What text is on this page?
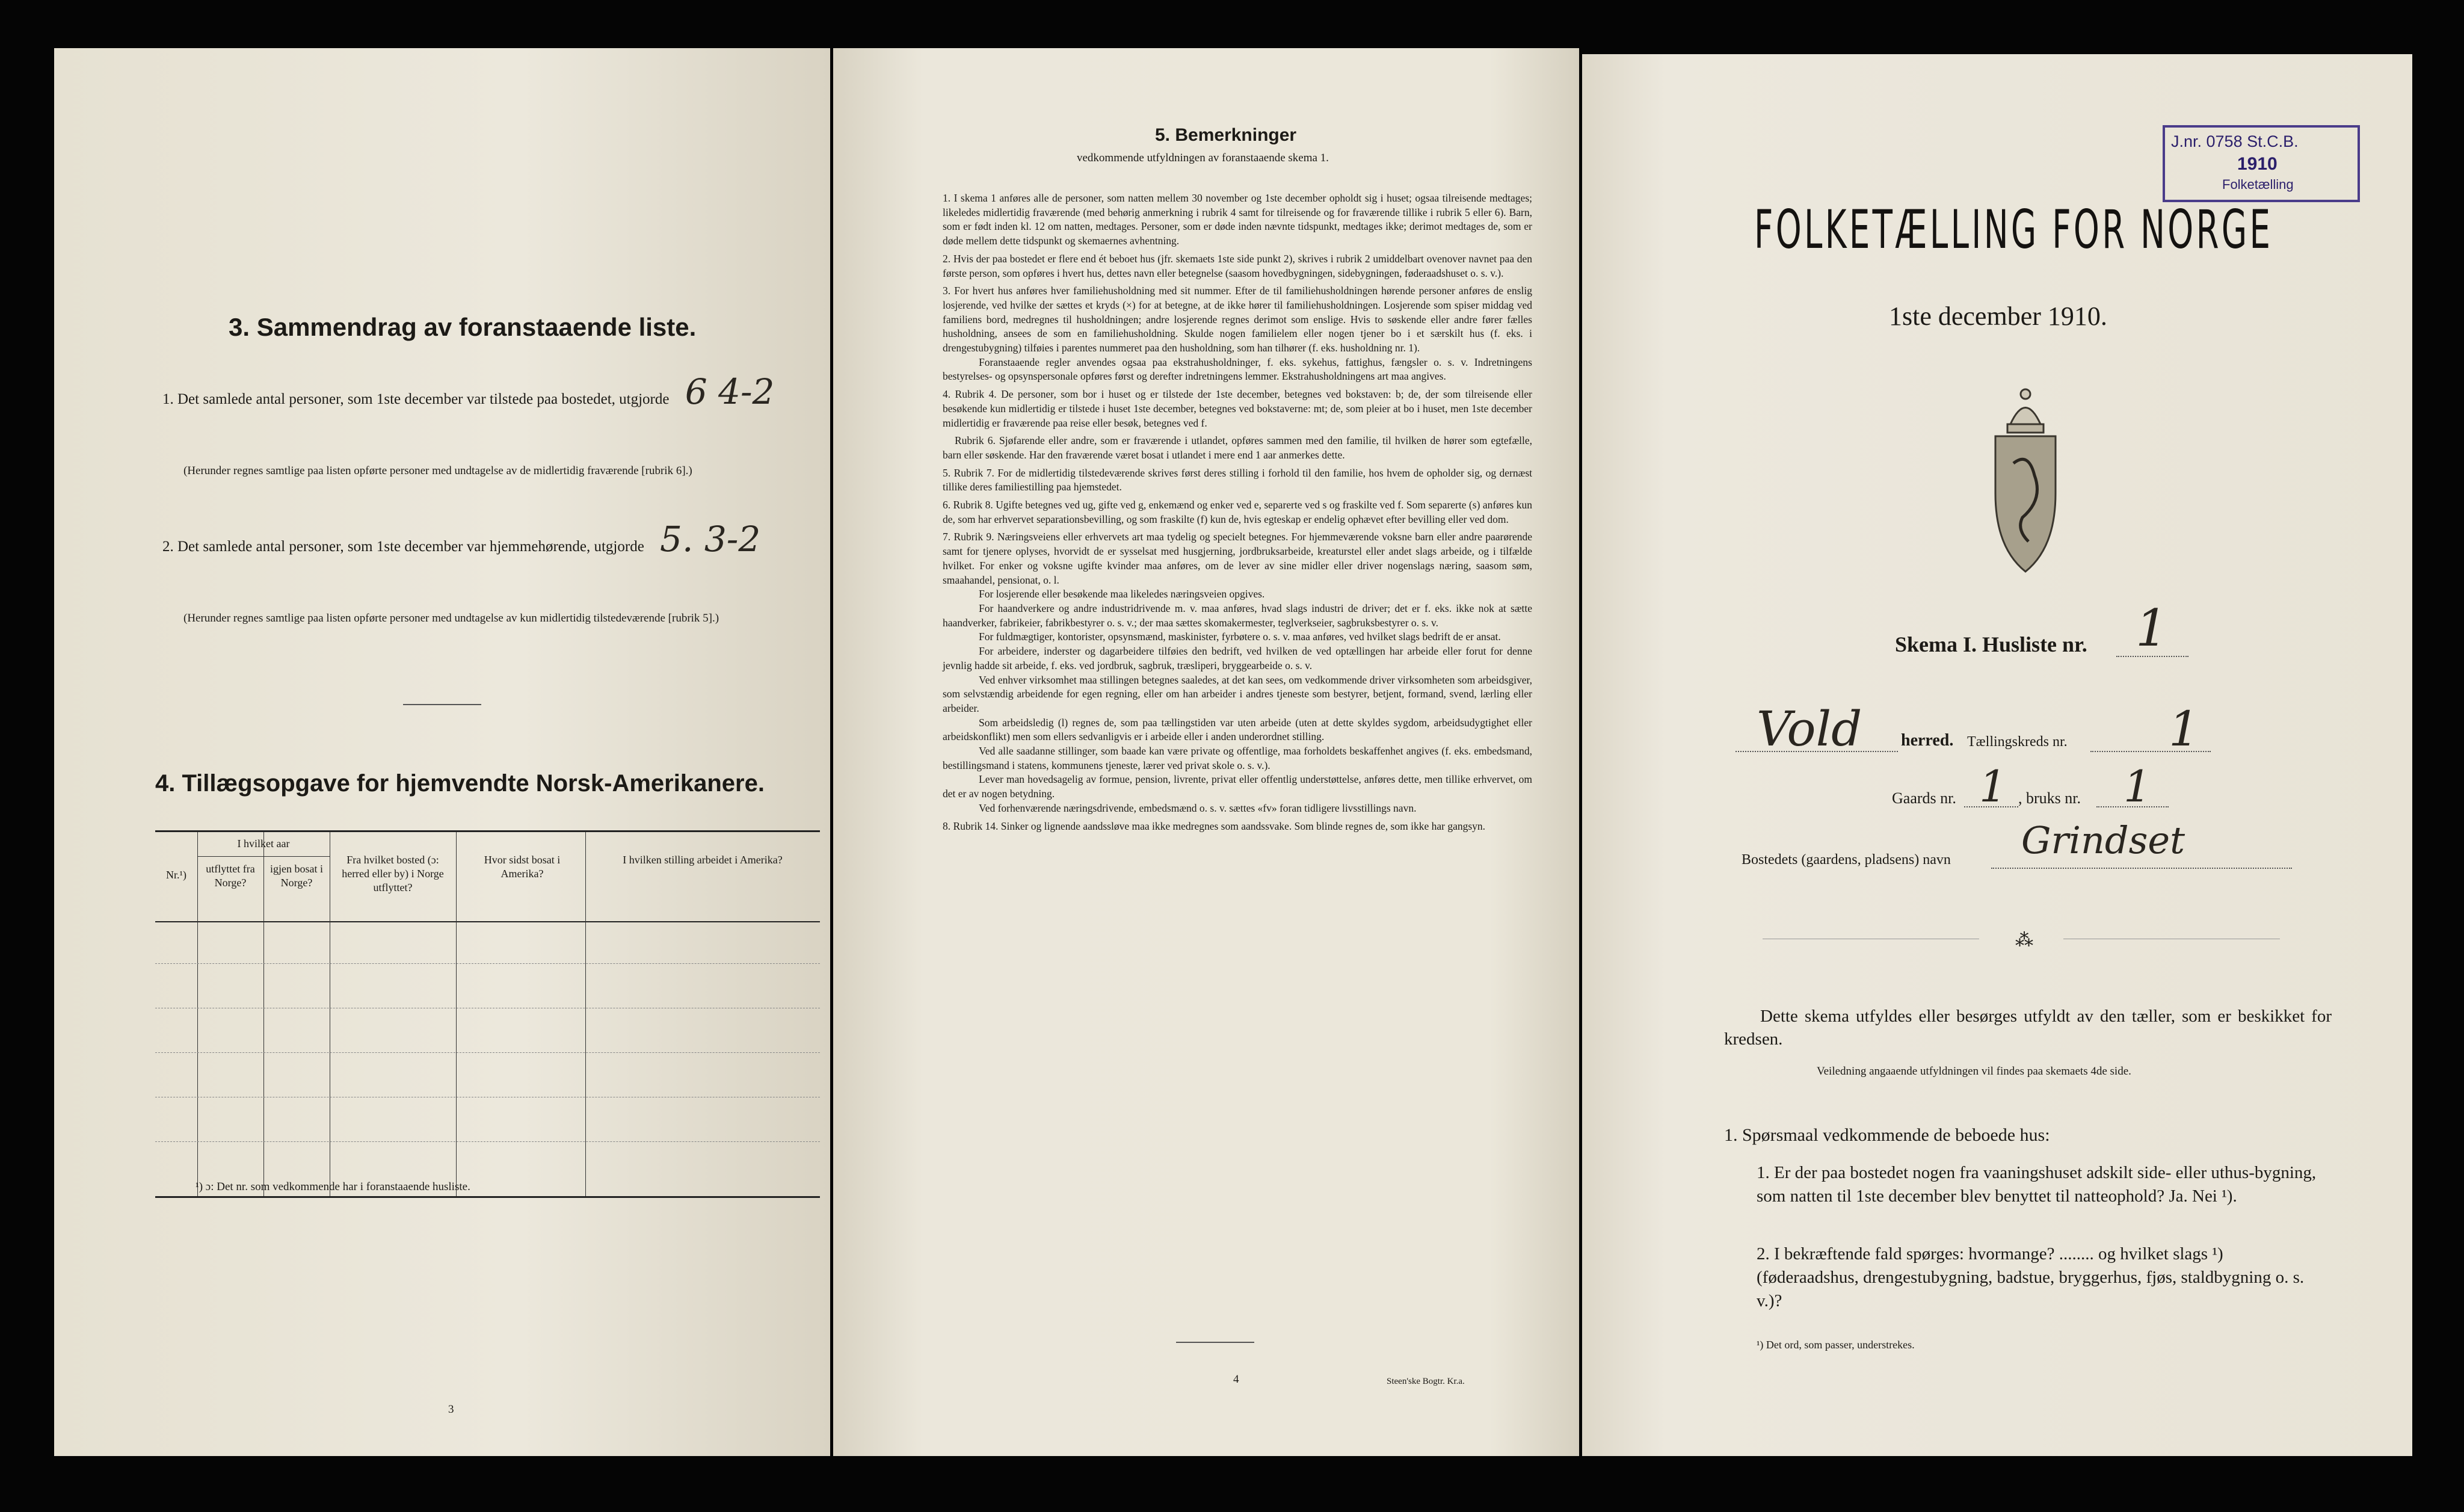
3. Sammendrag av foranstaaende liste.
1. Det samlede antal personer, som 1ste december var tilstede paa bostedet, utgjorde 6 4-2
(Herunder regnes samtlige paa listen opførte personer med undtagelse av de midlertidig fraværende [rubrik 6].)
2. Det samlede antal personer, som 1ste december var hjemmehørende, utgjorde 5. 3-2
(Herunder regnes samtlige paa listen opførte personer med undtagelse av kun midlertidig tilstedeværende [rubrik 5].)
4. Tillægsopgave for hjemvendte Norsk-Amerikanere.
Nr.¹)
I hvilket aar
utflyttet fra Norge?
igjen bosat i Norge?
Fra hvilket bosted (ɔ: herred eller by) i Norge utflyttet?
Hvor sidst bosat i Amerika?
I hvilken stilling arbeidet i Amerika?
¹) ɔ: Det nr. som vedkommende har i foranstaaende husliste.
3
5. Bemerkninger
vedkommende utfyldningen av foranstaaende skema 1.
1. I skema 1 anføres alle de personer, som natten mellem 30 november og 1ste december opholdt sig i huset; ogsaa tilreisende medtages; likeledes midlertidig fraværende (med behørig anmerkning i rubrik 4 samt for tilreisende og for fraværende tillike i rubrik 5 eller 6). Barn, som er født inden kl. 12 om natten, medtages. Personer, som er døde inden nævnte tidspunkt, medtages ikke; derimot medtages de, som er døde mellem dette tidspunkt og skemaernes avhentning.
2. Hvis der paa bostedet er flere end ét beboet hus (jfr. skemaets 1ste side punkt 2), skrives i rubrik 2 umiddelbart ovenover navnet paa den første person, som opføres i hvert hus, dettes navn eller betegnelse (saasom hovedbygningen, sidebygningen, føderaadshuset o. s. v.).
3. For hvert hus anføres hver familiehusholdning med sit nummer. Efter de til familiehusholdningen hørende personer anføres de enslig losjerende, ved hvilke der sættes et kryds (×) for at betegne, at de ikke hører til familiehusholdningen. Losjerende som spiser middag ved familiens bord, medregnes til husholdningen; andre losjerende regnes derimot som enslige. Hvis to søskende eller andre fører fælles husholdning, ansees de som en familiehusholdning. Skulde nogen familielem eller nogen tjener bo i et særskilt hus (f. eks. i drengestubygning) tilføies i parentes nummeret paa den husholdning, som han tilhører (f. eks. husholdning nr. 1).
Foranstaaende regler anvendes ogsaa paa ekstrahusholdninger, f. eks. sykehus, fattighus, fængsler o. s. v. Indretningens bestyrelses- og opsynspersonale opføres først og derefter indretningens lemmer. Ekstrahusholdningens art maa angives.
4. Rubrik 4. De personer, som bor i huset og er tilstede der 1ste december, betegnes ved bokstaven: b; de, der som tilreisende eller besøkende kun midlertidig er tilstede i huset 1ste december, betegnes ved bokstaverne: mt; de, som pleier at bo i huset, men 1ste december midlertidig er fraværende paa reise eller besøk, betegnes ved f.
Rubrik 6. Sjøfarende eller andre, som er fraværende i utlandet, opføres sammen med den familie, til hvilken de hører som egtefælle, barn eller søskende. Har den fraværende været bosat i utlandet i mere end 1 aar anmerkes dette.
5. Rubrik 7. For de midlertidig tilstedeværende skrives først deres stilling i forhold til den familie, hos hvem de opholder sig, og dernæst tillike deres familiestilling paa hjemstedet.
6. Rubrik 8. Ugifte betegnes ved ug, gifte ved g, enkemænd og enker ved e, separerte ved s og fraskilte ved f. Som separerte (s) anføres kun de, som har erhvervet separationsbevilling, og som fraskilte (f) kun de, hvis egteskap er endelig ophævet efter bevilling eller ved dom.
7. Rubrik 9. Næringsveiens eller erhvervets art maa tydelig og specielt betegnes. For hjemmeværende voksne barn eller andre paarørende samt for tjenere oplyses, hvorvidt de er sysselsat med husgjerning, jordbruksarbeide, kreaturstel eller andet slags arbeide, og i tilfælde hvilket. For enker og voksne ugifte kvinder maa anføres, om de lever av sine midler eller driver nogenslags næring, saasom søm, smaahandel, pensionat, o. l.
For losjerende eller besøkende maa likeledes næringsveien opgives.
For haandverkere og andre industridrivende m. v. maa anføres, hvad slags industri de driver; det er f. eks. ikke nok at sætte haandverker, fabrikeier, fabrikbestyrer o. s. v.; der maa sættes skomakermester, teglverkseier, sagbruksbestyrer o. s. v.
For fuldmægtiger, kontorister, opsynsmænd, maskinister, fyrbøtere o. s. v. maa anføres, ved hvilket slags bedrift de er ansat.
For arbeidere, inderster og dagarbeidere tilføies den bedrift, ved hvilken de ved optællingen har arbeide eller forut for denne jevnlig hadde sit arbeide, f. eks. ved jordbruk, sagbruk, træsliperi, bryggearbeide o. s. v.
Ved enhver virksomhet maa stillingen betegnes saaledes, at det kan sees, om vedkommende driver virksomheten som arbeidsgiver, som selvstændig arbeidende for egen regning, eller om han arbeider i andres tjeneste som bestyrer, betjent, formand, svend, lærling eller arbeider.
Som arbeidsledig (l) regnes de, som paa tællingstiden var uten arbeide (uten at dette skyldes sygdom, arbeidsudygtighet eller arbeidskonflikt) men som ellers sedvanligvis er i arbeide eller i anden underordnet stilling.
Ved alle saadanne stillinger, som baade kan være private og offentlige, maa forholdets beskaffenhet angives (f. eks. embedsmand, bestillingsmand i statens, kommunens tjeneste, lærer ved privat skole o. s. v.).
Lever man hovedsagelig av formue, pension, livrente, privat eller offentlig understøttelse, anføres dette, men tillike erhvervet, om det er av nogen betydning.
Ved forhenværende næringsdrivende, embedsmænd o. s. v. sættes «fv» foran tidligere livsstillings navn.
8. Rubrik 14. Sinker og lignende aandssløve maa ikke medregnes som aandssvake. Som blinde regnes de, som ikke har gangsyn.
4	Steen'ske Bogtr. Kr.a.
J.nr. 0758 St.C.B.
1910
Folketælling
FOLKETÆLLING FOR NORGE
1ste december 1910.
Skema I. Husliste nr. 1
Vold herred. Tællingskreds nr. 1
Gaards nr. 1 , bruks nr. 1
Bostedets (gaardens, pladsens) navn Grindset
⁂
Dette skema utfyldes eller besørges utfyldt av den tæller, som er beskikket for kredsen.
Veiledning angaaende utfyldningen vil findes paa skemaets 4de side.
1. Spørsmaal vedkommende de beboede hus:
1. Er der paa bostedet nogen fra vaaningshuset adskilt side- eller uthus-bygning, som natten til 1ste december blev benyttet til natteophold? Ja. Nei ¹).
2. I bekræftende fald spørges: hvormange? ........ og hvilket slags ¹) (føderaadshus, drengestubygning, badstue, bryggerhus, fjøs, staldbygning o. s. v.)?
¹) Det ord, som passer, understrekes.
